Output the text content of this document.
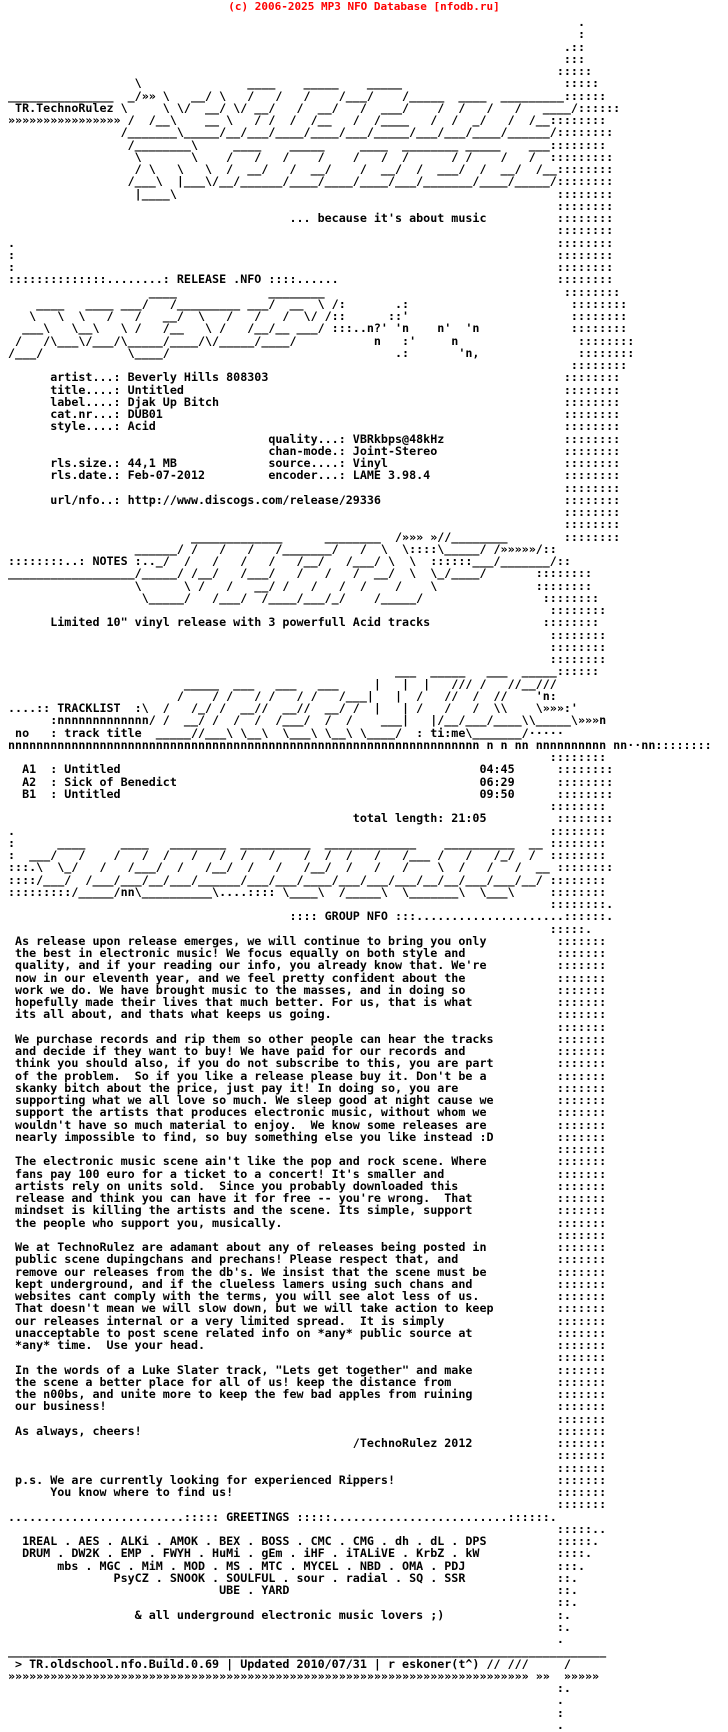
(c) 2006-2025 MP3 NFO Database [nfodb.ru]
.
:
.::
:::
:::::
\               ____    _____    _____                       :::::
_______________  _/»» \   __/ \   /   /   /    /___/    /_____  ____  _________::::::
TR.TechnoRulez \     \ \/  __/ \/ __/   /  __/   /  ___/    /  /   /   /   ____/::::::
»»»»»»»»»»»»»»»» /  /__\    __ \   / /  /  /__   /  /____   /  /  _/   /  /__::::::::
/_______\_____/__/___/____/____/___/_____/___/___/____/______/::::::::
/________\     ____    _____     ____  ________ _____    ___::::::::
\       \    /   /   /    /    /   /  /      / /    /   /  :::::::::
/ \   \   \  /  __/   /  __/    /  __/  /  ___/  /  __/  /__::::::::
/___\  |___\/__/______/____/____/____/___/_______/____/_____/::::::::
|____\                                                      ::::::::
::::::::
... because it's about music          ::::::::
::::::::
.                                                                             ::::::::
:                                                                             ::::::::
:                                                                             ::::::::
::::::::::::::........: RELEASE .NFO ::::......                               ::::::::
____             ________                                  ::::::::
____   ____ ___/   /_________ ___/  __  \ /:       .:                       ::::::::
\   \  \   /   /   __/  \   /   /   /  \/ /::      ::'                       ::::::::
___\   \__\   \ /   /__   \ /   /__/__ ___/ :::..n?' 'n    n'  'n             ::::::::
/   /\___\/___/\_____/____/\/_____/____/           n   :'     n                 ::::::::
/___/            \____/                                .:       'n,              ::::::::
::::::::
artist...: Beverly Hills 808303                                          ::::::::
title....: Untitled                                                      ::::::::
label....: Djak Up Bitch                                                 ::::::::
cat.nr...: DUB01                                                         ::::::::
style....: Acid                                                          ::::::::
quality...: VBRkbps@48kHz                 ::::::::
chan-mode.: Joint-Stereo                  ::::::::
rls.size.: 44,1 MB             source....: Vinyl                         ::::::::
rls.date.: Feb-07-2012         encoder...: LAME 3.98.4                   ::::::::
::::::::
url/nfo..: http://www.discogs.com/release/29336                          ::::::::
::::::::
::::::::
_____________      ________  /»»» »//________        ::::::::
______/ /   /   /   /_______/   /  \  \::::\_____/ /»»»»»/::
::::::::..: NOTES :.._/  /   /   /   /   /__/   /___/ \  \  ::::::___/_______/::
__________________/_____/ /__/   /___/   /   /   /  __/  \  \_/____/       ::::::::
\      \ /   /   __/ /   /   /  /    /    \              ::::::::
\_____/   /___/  /____/___/_/    /_____/                 ::::::::
::::::::
Limited 10" vinyl release with 3 powerfull Acid tracks                ::::::::
::::::::
::::::::
::::::::
___  _____   ___  _____::::::
_____  ___   ___   ___     |   |  |   /// /   //__///
/    / /   / /   / /   /___|   |  /   //  /  //    'n:
....:: TRACKLIST  :\  /   /_/ /  __//  __//  __/ /  |   | /   /   /  \\    \»»»:'
:nnnnnnnnnnnnn/ /  __/ /  /  /  /___/  /  /    ___|   |/__/___/____\\_____\»»»n
no   : track title  _____//___\ \__\  \___\ \__\ \____/  : ti:me\_______/·····
nnnnnnnnnnnnnnnnnnnnnnnnnnnnnnnnnnnnnnnnnnnnnnnnnnnnnnnnnnnnnnnnnnn n n nn nnnnnnnnnn nn··nn::::::::
::::::::
A1  : Untitled                                                   04:45      ::::::::
A2  : Sick of Benedict                                           06:29      ::::::::
B1  : Untitled                                                   09:50      ::::::::
::::::::
total length: 21:05          ::::::::
.                                                                            ::::::::
:      ____     ____   ________  __________  _____________    __________  __ ::::::::
:  ___/   /    /   /  /   /   /  /   /    /  /  /   /   /___ /   /   /_/  /  ::::::::
:::.\  \_/   /   /___/  /   /__/  /   /   /__/  /   /   /    \  /   /   /  __ ::::::::
::::/___/  /___/___/__/___/______/___/___/____/___/___/___/__/__/___/___/__/ ::::::::
:::::::::/_____/nn\__________\....:::: \____\  /_____\  \_______\  \___\     ::::::::
::::::::.
:::: GROUP NFO :::.....................::::::.
:::::.
As release upon release emerges, we will continue to bring you only          :::::::
the best in electronic music! We focus equally on both style and             :::::::
quality, and if your reading our info, you already know that. We're          :::::::
now in our eleventh year, and we feel pretty confident about the             :::::::
work we do. We have brought music to the masses, and in doing so             :::::::
hopefully made their lives that much better. For us, that is what            :::::::
its all about, and thats what keeps us going.                                :::::::
:::::::
We purchase records and rip them so other people can hear the tracks         :::::::
and decide if they want to buy! We have paid for our records and             :::::::
think you should also, if you do not subscribe to this, you are part         :::::::
of the problem.  So if you like a release please buy it. Don't be a          :::::::
skanky bitch about the price, just pay it! In doing so, you are              :::::::
supporting what we all love so much. We sleep good at night cause we         :::::::
support the artists that produces electronic music, without whom we          :::::::
wouldn't have so much material to enjoy.  We know some releases are          :::::::
nearly impossible to find, so buy something else you like instead :D         :::::::
:::::::
The electronic music scene ain't like the pop and rock scene. Where          :::::::
fans pay 100 euro for a ticket to a concert! It's smaller and                :::::::
artists rely on units sold.  Since you probably downloaded this              :::::::
release and think you can have it for free -- you're wrong.  That            :::::::
mindset is killing the artists and the scene. Its simple, support            :::::::
the people who support you, musically.                                       :::::::
:::::::
We at TechnoRulez are adamant about any of releases being posted in          :::::::
public scene dupingchans and prechans! Please respect that, and              :::::::
remove our releases from the db's. We insist that the scene must be          :::::::
kept underground, and if the clueless lamers using such chans and            :::::::
websites cant comply with the terms, you will see alot less of us.           :::::::
That doesn't mean we will slow down, but we will take action to keep         :::::::
our releases internal or a very limited spread.  It is simply                :::::::
unacceptable to post scene related info on *any* public source at            :::::::
*any* time.  Use your head.                                                  :::::::
:::::::
In the words of a Luke Slater track, "Lets get together" and make            :::::::
the scene a better place for all of us! keep the distance from               :::::::
the n00bs, and unite more to keep the few bad apples from ruining            :::::::
our business!                                                                :::::::
:::::::
As always, cheers!                                                           :::::::
/TechnoRulez 2012            :::::::
:::::::
:::::::
p.s. We are currently looking for experienced Rippers!                       :::::::
You know where to find us!                                              :::::::
:::::::
.........................::::: GREETINGS :::::.........................::::::.
:::::..
1REAL . AES . ALKi . AMOK . BEX . BOSS . CMC . CMG . dh . dL . DPS          :::::.
DRUM . DW2K . EMP . FWYH . HuMi . gEm . iHF . iTALiVE . KrbZ . kW           ::::.
mbs . MGC . MiM . MOD . MS . MTC . MYCEL . NBD . OMA . PDJ             :::.
PsyCZ . SNOOK . SOULFUL . sour . radial . SQ . SSR             ::.
UBE . YARD                                      ::.
::.
& all underground electronic music lovers ;)                :.
:.
.
_____________________________________________________________________________________
> TR.oldschool.nfo.Build.0.69 | Updated 2010/07/31 | r eskoner(t^) // ///     /
»»»»»»»»»»»»»»»»»»»»»»»»»»»»»»»»»»»»»»»»»»»»»»»»»»»»»»»»»»»»»»»»»»»»»»»»»» »»  »»»»»
:.
.
:
.
